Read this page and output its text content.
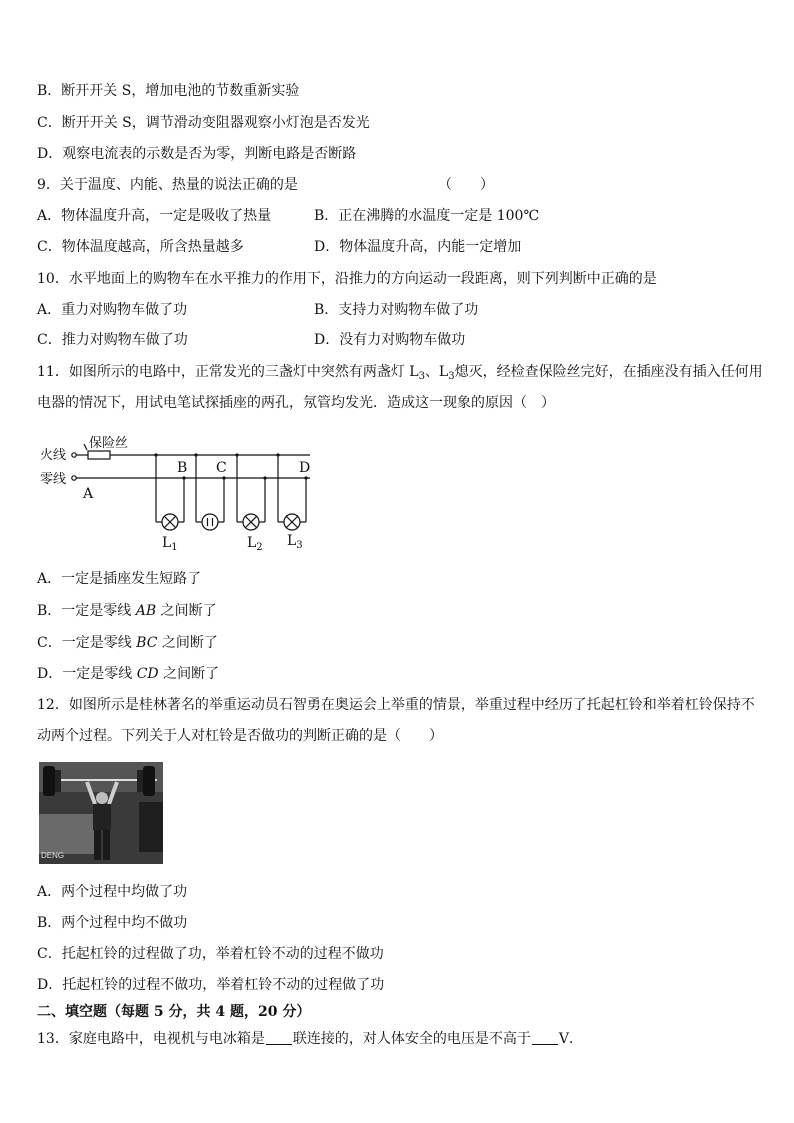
B．断开开关 S，增加电池的节数重新实验
C．断开开关 S，调节滑动变阻器观察小灯泡是否发光
D．观察电流表的示数是否为零，判断电路是否断路
9．关于温度、内能、热量的说法正确的是	（　　）
A．物体温度升高，一定是吸收了热量	B．正在沸腾的水温度一定是 100℃
C．物体温度越高，所含热量越多	D．物体温度升高，内能一定增加
10．水平地面上的购物车在水平推力的作用下，沿推力的方向运动一段距离，则下列判断中正确的是
A．重力对购物车做了功	B．支持力对购物车做了功
C．推力对购物车做了功	D．没有力对购物车做功
11．如图所示的电路中，正常发光的三盏灯中突然有两盏灯 $L_3$、$L_3$熄灭，经检查保险丝完好，在插座没有插入任何用
电器的情况下，用试电笔试探插座的两孔，氖管均发光．造成这一现象的原因（　）
火线
零线
保险丝
A
B C	D
$L_1$	$L_2$ $L_3$
A．一定是插座发生短路了
B．一定是零线 AB 之间断了
C．一定是零线 BC 之间断了
D．一定是零线 CD 之间断了
12．如图所示是桂林著名的举重运动员石智勇在奥运会上举重的情景，举重过程中经历了托起杠铃和举着杠铃保持不
动两个过程。下列关于人对杠铃是否做功的判断正确的是（　　）
DENG
A．两个过程中均做了功
B．两个过程中均不做功
C．托起杠铃的过程做了功，举着杠铃不动的过程不做功
D．托起杠铃的过程不做功，举着杠铃不动的过程做了功
二、填空题（每题 5 分，共 4 题，20 分）
13．家庭电路中，电视机与电冰箱是 联连接的，对人体安全的电压是不高于 V．
